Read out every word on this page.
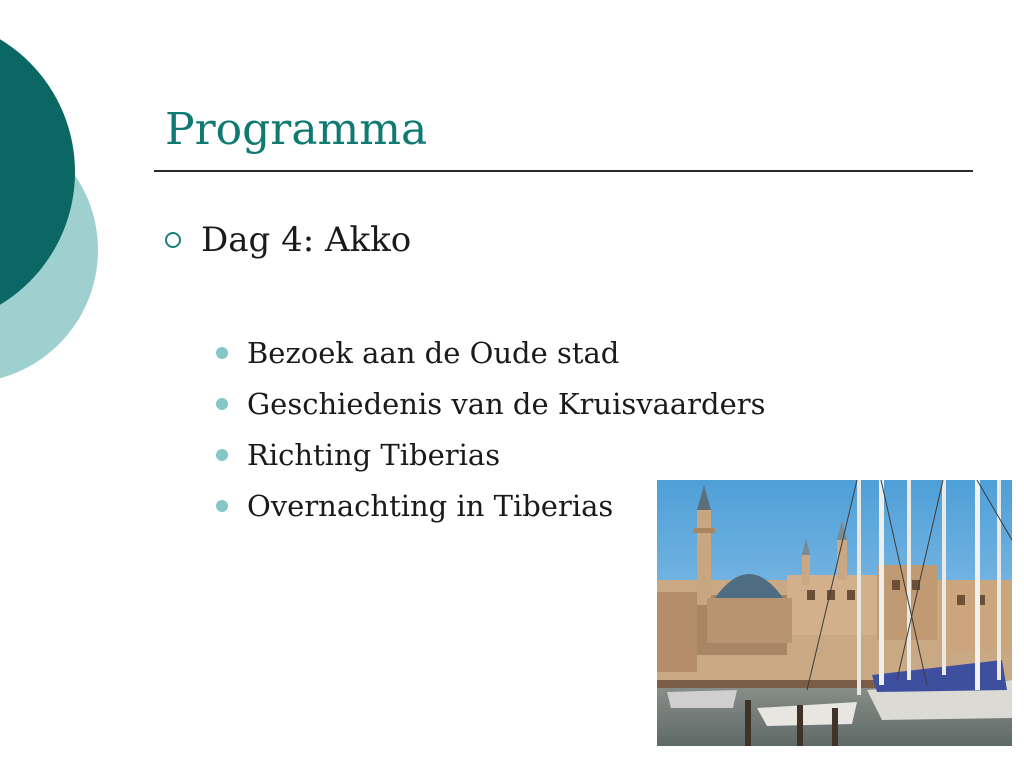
Programma
Dag 4: Akko
Bezoek aan de Oude stad
Geschiedenis van de Kruisvaarders
Richting Tiberias
Overnachting in Tiberias
